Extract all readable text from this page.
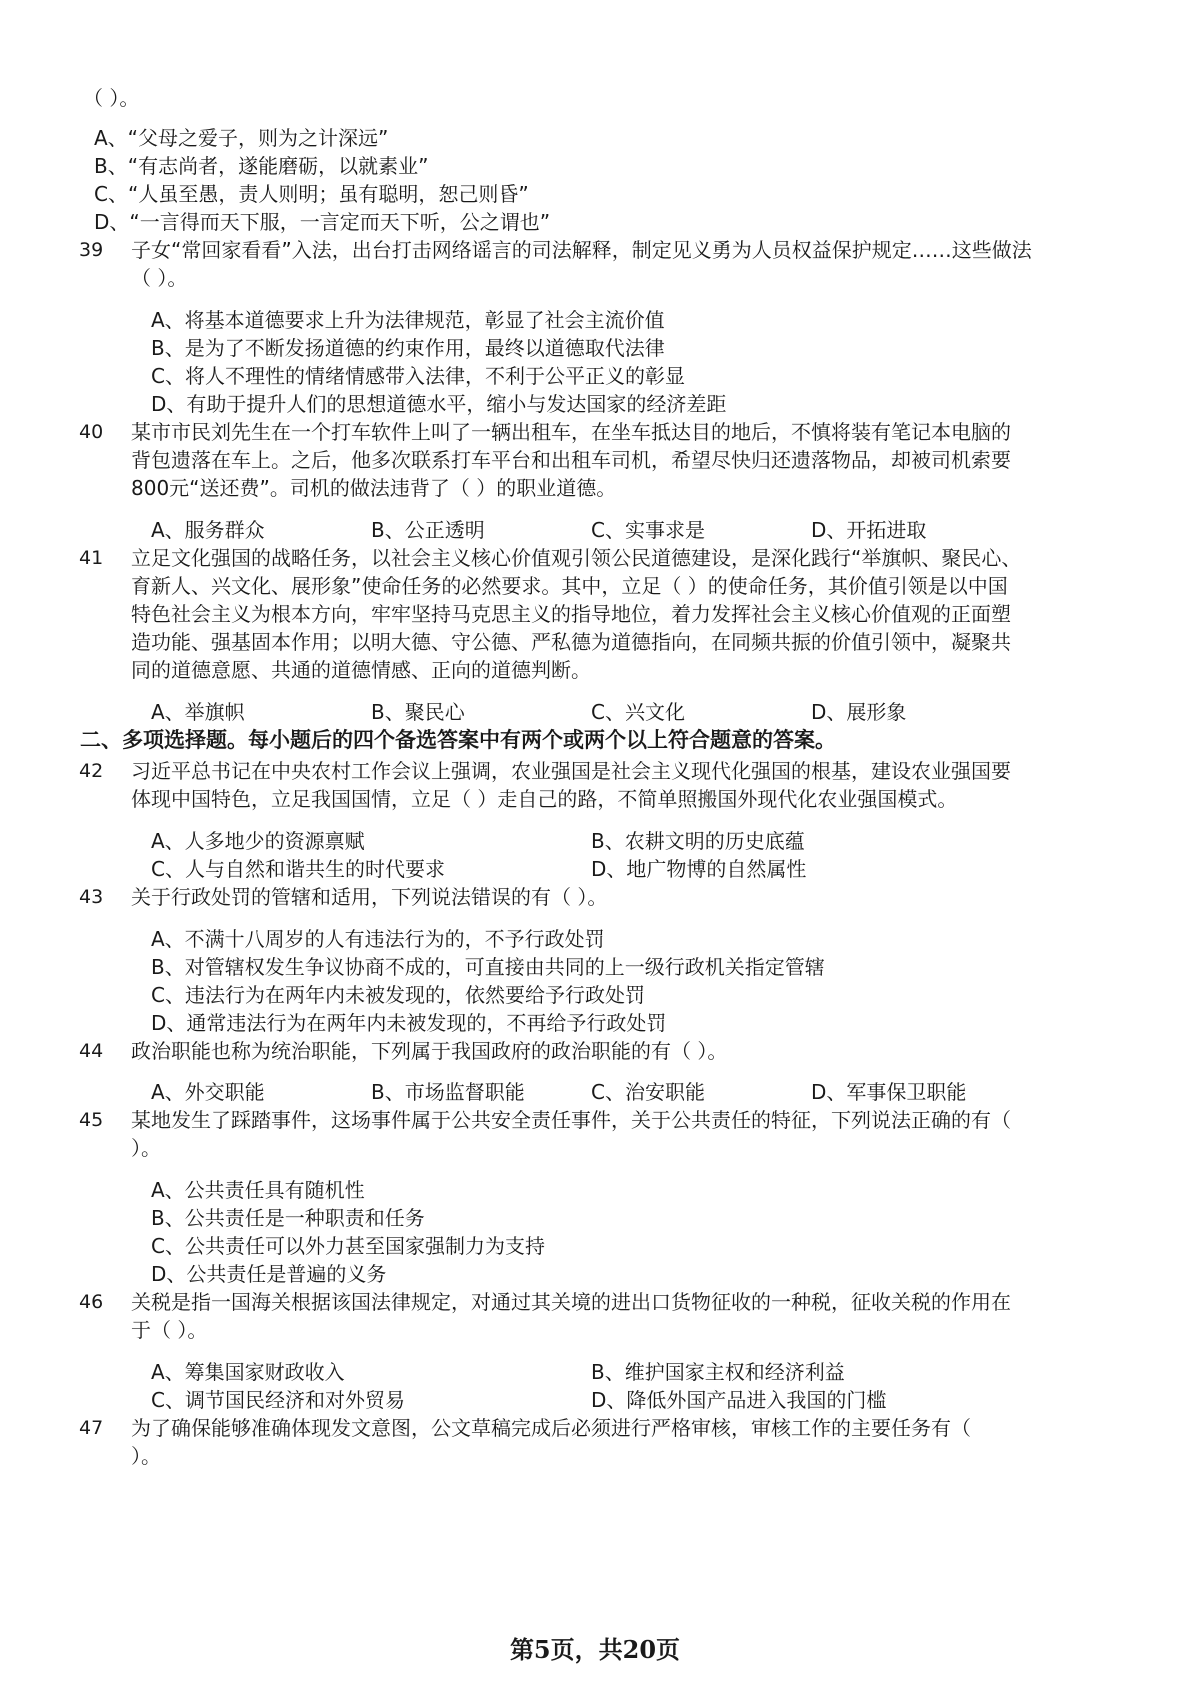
（ ）。
A、“父母之爱子，则为之计深远”
B、“有志尚者，遂能磨砺，以就素业”
C、“人虽至愚，责人则明；虽有聪明，恕己则昏”
D、“一言得而天下服，一言定而天下听，公之谓也”
39 子女“常回家看看”入法，出台打击网络谣言的司法解释，制定见义勇为人员权益保护规定……这些做法
（ ）。
A、将基本道德要求上升为法律规范，彰显了社会主流价值
B、是为了不断发扬道德的约束作用，最终以道德取代法律
C、将人不理性的情绪情感带入法律，不利于公平正义的彰显
D、有助于提升人们的思想道德水平，缩小与发达国家的经济差距
40 某市市民刘先生在一个打车软件上叫了一辆出租车，在坐车抵达目的地后，不慎将装有笔记本电脑的
背包遗落在车上。之后，他多次联系打车平台和出租车司机，希望尽快归还遗落物品，却被司机索要
800元“送还费”。司机的做法违背了（ ）的职业道德。
A、服务群众	B、公正透明	C、实事求是	D、开拓进取
41 立足文化强国的战略任务，以社会主义核心价值观引领公民道德建设，是深化践行“举旗帜、聚民心、
育新人、兴文化、展形象”使命任务的必然要求。其中，立足（ ）的使命任务，其价值引领是以中国
特色社会主义为根本方向，牢牢坚持马克思主义的指导地位，着力发挥社会主义核心价值观的正面塑
造功能、强基固本作用；以明大德、守公德、严私德为道德指向，在同频共振的价值引领中，凝聚共
同的道德意愿、共通的道德情感、正向的道德判断。
A、举旗帜	B、聚民心	C、兴文化	D、展形象
二、多项选择题。每小题后的四个备选答案中有两个或两个以上符合题意的答案。
42 习近平总书记在中央农村工作会议上强调，农业强国是社会主义现代化强国的根基，建设农业强国要
体现中国特色，立足我国国情，立足（ ）走自己的路，不简单照搬国外现代化农业强国模式。
A、人多地少的资源禀赋	B、农耕文明的历史底蕴
C、人与自然和谐共生的时代要求	D、地广物博的自然属性
43 关于行政处罚的管辖和适用，下列说法错误的有（ ）。
A、不满十八周岁的人有违法行为的，不予行政处罚
B、对管辖权发生争议协商不成的，可直接由共同的上一级行政机关指定管辖
C、违法行为在两年内未被发现的，依然要给予行政处罚
D、通常违法行为在两年内未被发现的，不再给予行政处罚
44 政治职能也称为统治职能，下列属于我国政府的政治职能的有（ ）。
A、外交职能	B、市场监督职能	C、治安职能	D、军事保卫职能
45 某地发生了踩踏事件，这场事件属于公共安全责任事件，关于公共责任的特征，下列说法正确的有（
）。
A、公共责任具有随机性
B、公共责任是一种职责和任务
C、公共责任可以外力甚至国家强制力为支持
D、公共责任是普遍的义务
46 关税是指一国海关根据该国法律规定，对通过其关境的进出口货物征收的一种税，征收关税的作用在
于（ ）。
A、筹集国家财政收入	B、维护国家主权和经济利益
C、调节国民经济和对外贸易	D、降低外国产品进入我国的门槛
47 为了确保能够准确体现发文意图，公文草稿完成后必须进行严格审核，审核工作的主要任务有（
）。
第5页，共20页
